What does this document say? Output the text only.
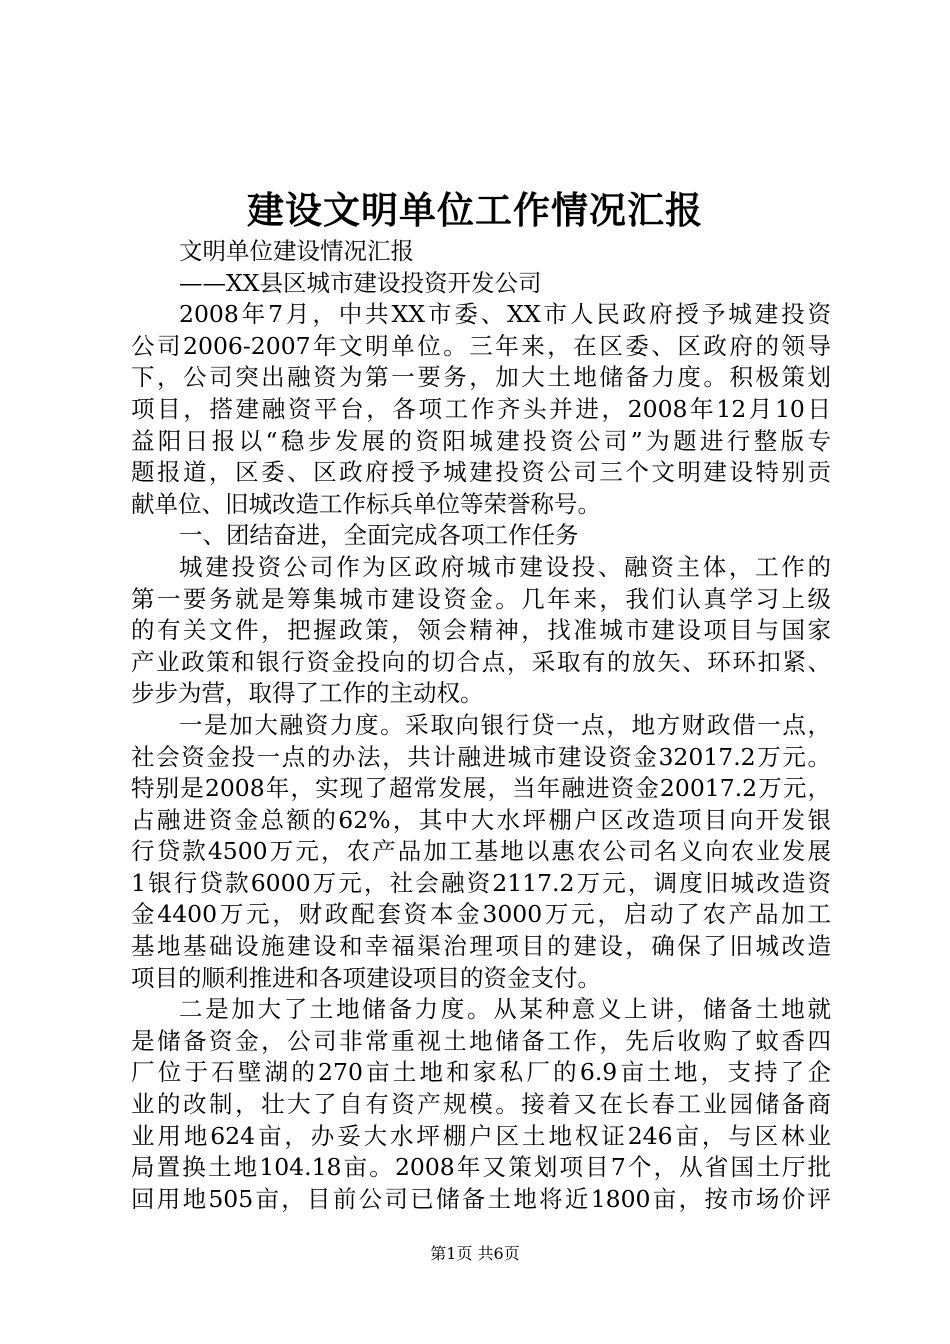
建设文明单位工作情况汇报

文明单位建设情况汇报

——XX县区城市建设投资开发公司

2008年7月，中共XX市委、XX市人民政府授予城建投资

公司2006-2007年文明单位。三年来，在区委、区政府的领导

下，公司突出融资为第一要务，加大土地储备力度。积极策划

项目，搭建融资平台，各项工作齐头并进，2008年12月10日

益阳日报以“稳步发展的资阳城建投资公司”为题进行整版专

题报道，区委、区政府授予城建投资公司三个文明建设特别贡

献单位、旧城改造工作标兵单位等荣誉称号。

一、团结奋进，全面完成各项工作任务

城建投资公司作为区政府城市建设投、融资主体，工作的

第一要务就是筹集城市建设资金。几年来，我们认真学习上级

的有关文件，把握政策，领会精神，找准城市建设项目与国家

产业政策和银行资金投向的切合点，采取有的放矢、环环扣紧、

步步为营，取得了工作的主动权。

一是加大融资力度。采取向银行贷一点，地方财政借一点，

社会资金投一点的办法，共计融进城市建设资金32017.2万元。

特别是2008年，实现了超常发展，当年融进资金20017.2万元，

占融进资金总额的62%，其中大水坪棚户区改造项目向开发银

行贷款4500万元，农产品加工基地以惠农公司名义向农业发展

1银行贷款6000万元，社会融资2117.2万元，调度旧城改造资

金4400万元，财政配套资本金3000万元，启动了农产品加工

基地基础设施建设和幸福渠治理项目的建设，确保了旧城改造

项目的顺利推进和各项建设项目的资金支付。

二是加大了土地储备力度。从某种意义上讲，储备土地就

是储备资金，公司非常重视土地储备工作，先后收购了蚊香四

厂位于石壁湖的270亩土地和家私厂的6.9亩土地，支持了企

业的改制，壮大了自有资产规模。接着又在长春工业园储备商

业用地624亩，办妥大水坪棚户区土地权证246亩，与区林业

局置换土地104.18亩。2008年又策划项目7个，从省国土厅批

回用地505亩，目前公司已储备土地将近1800亩，按市场价评

第1页 共6页
